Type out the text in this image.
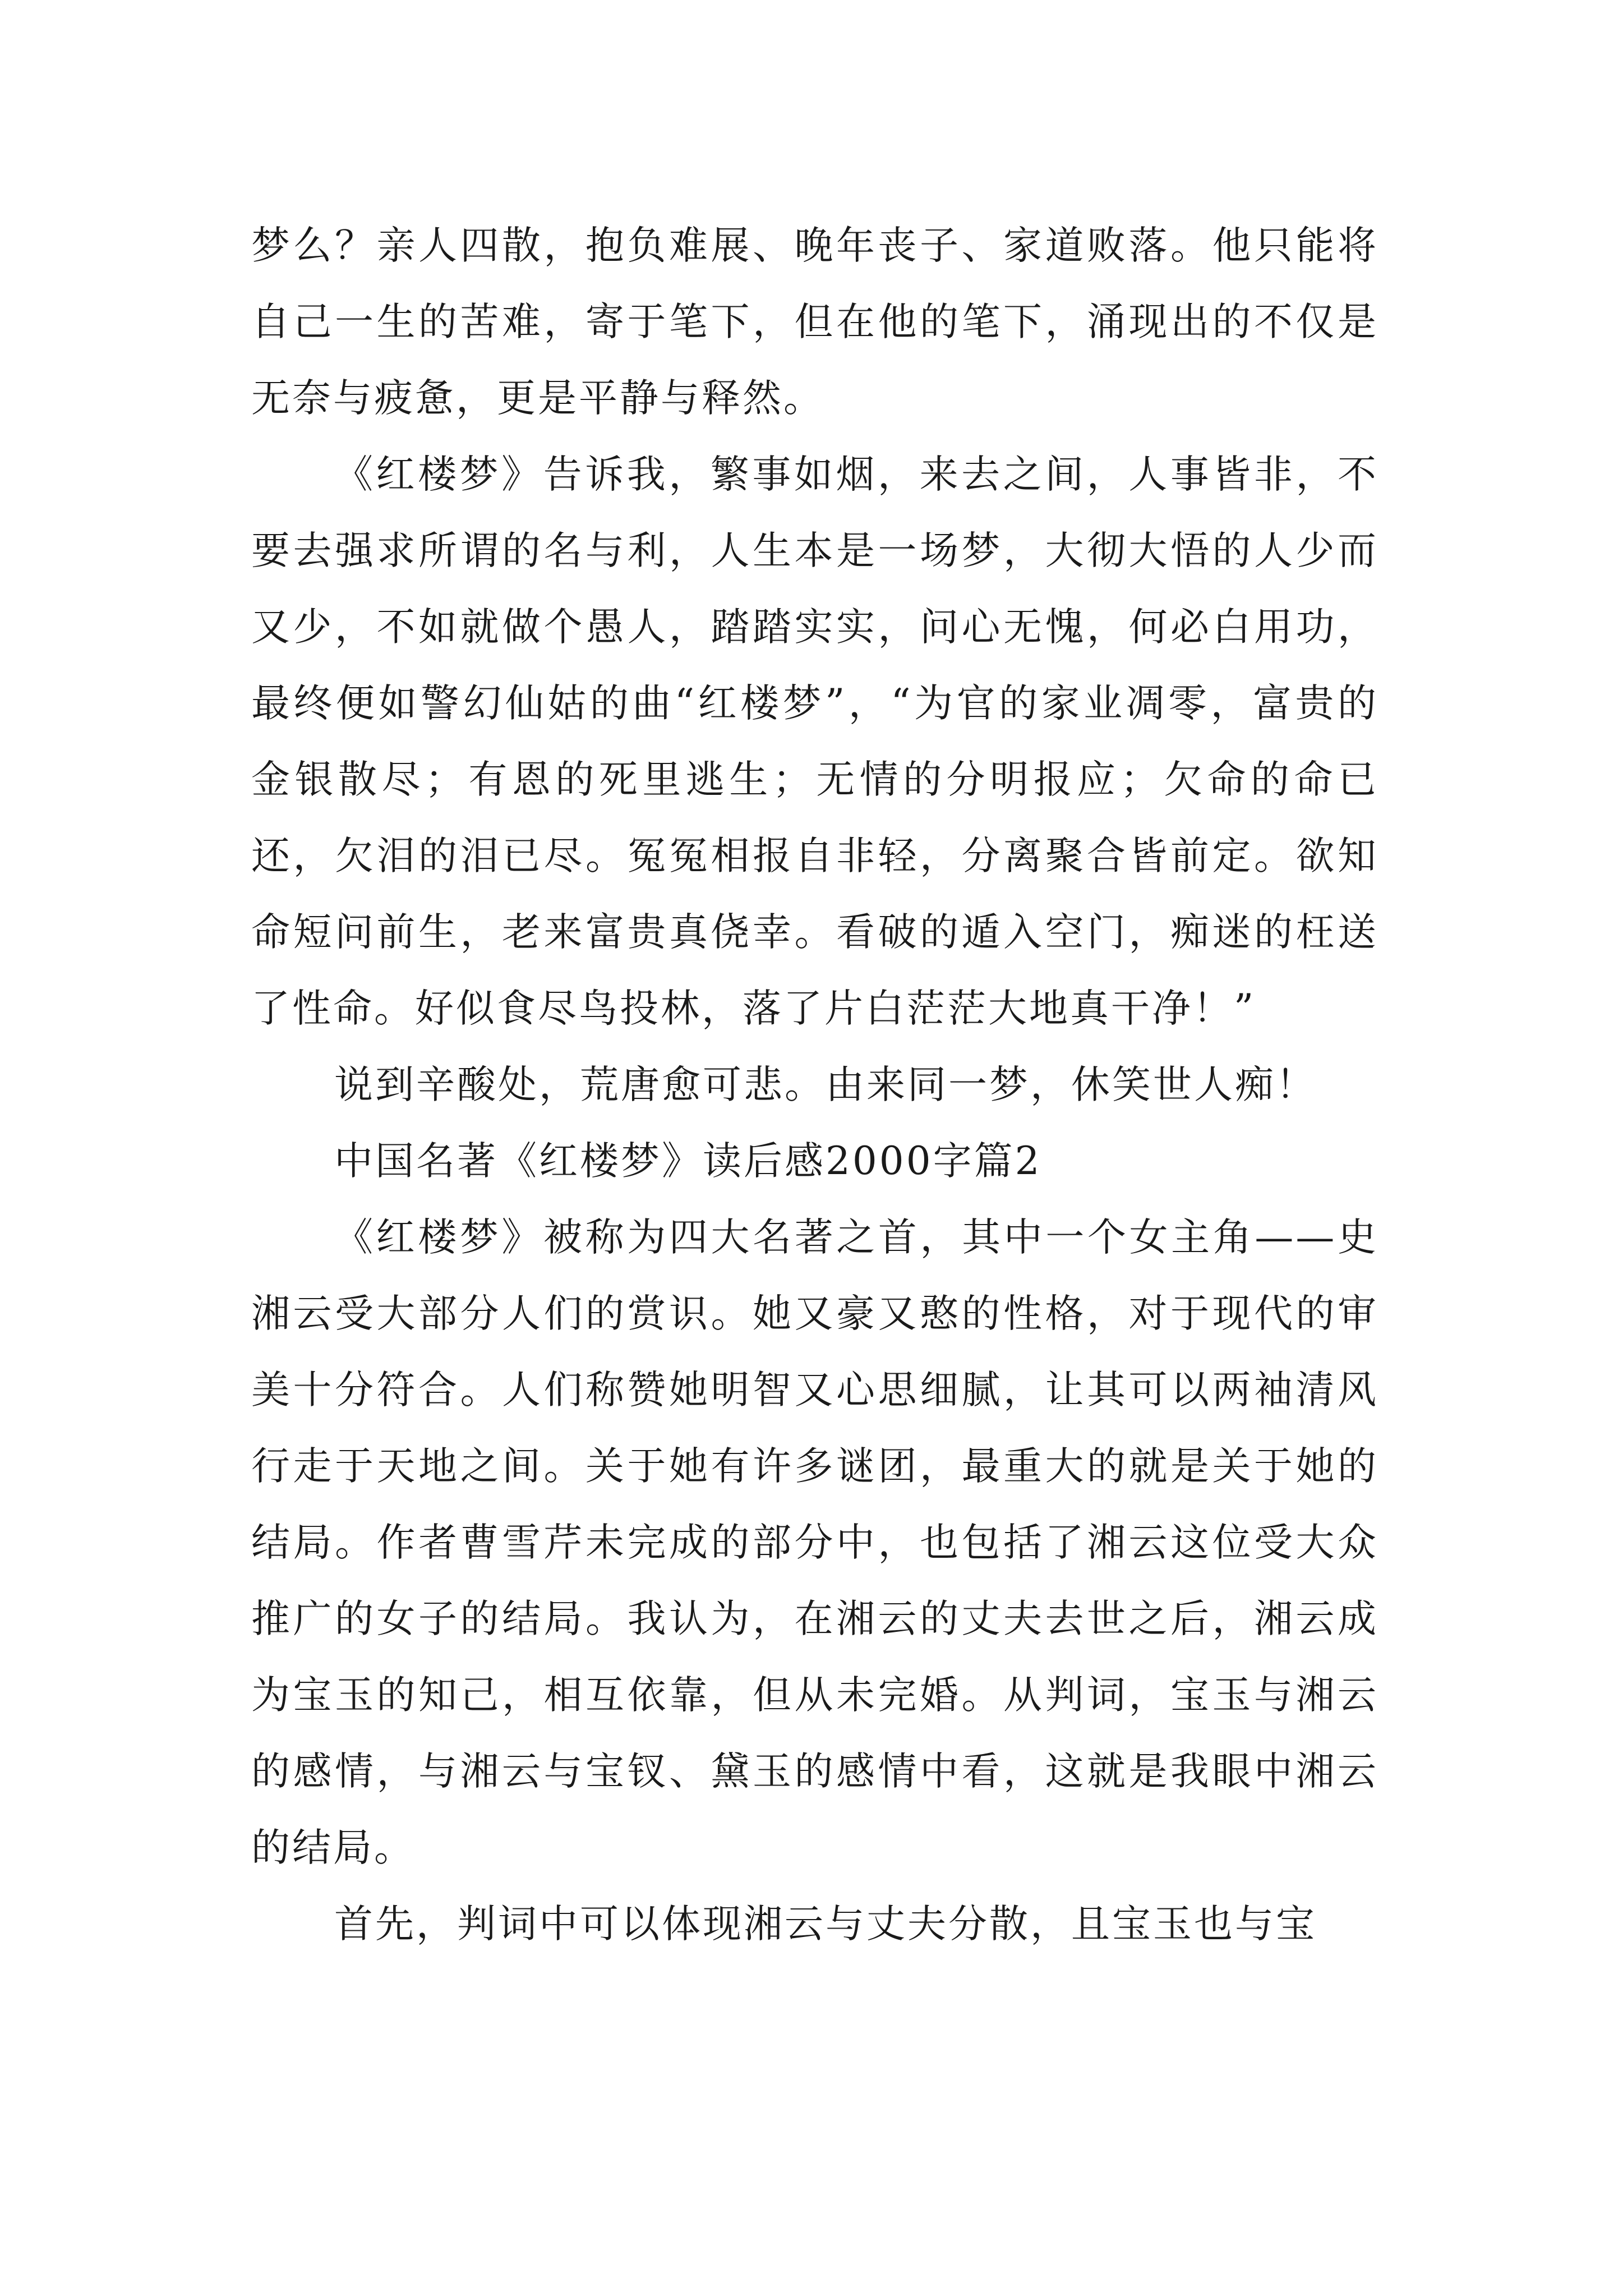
梦么？亲人四散，抱负难展、晚年丧子、家道败落。他只能将自己一生的苦难，寄于笔下，但在他的笔下，涌现出的不仅是无奈与疲惫，更是平静与释然。

《红楼梦》告诉我，繁事如烟，来去之间，人事皆非，不要去强求所谓的名与利，人生本是一场梦，大彻大悟的人少而又少，不如就做个愚人，踏踏实实，问心无愧，何必白用功，最终便如警幻仙姑的曲“红楼梦”，“为官的家业凋零，富贵的金银散尽；有恩的死里逃生；无情的分明报应；欠命的命已还，欠泪的泪已尽。冤冤相报自非轻，分离聚合皆前定。欲知命短问前生，老来富贵真侥幸。看破的遁入空门，痴迷的枉送了性命。好似食尽鸟投林，落了片白茫茫大地真干净！”

说到辛酸处，荒唐愈可悲。由来同一梦，休笑世人痴！

中国名著《红楼梦》读后感2000字篇2

《红楼梦》被称为四大名著之首，其中一个女主角——史湘云受大部分人们的赏识。她又豪又憨的性格，对于现代的审美十分符合。人们称赞她明智又心思细腻，让其可以两袖清风行走于天地之间。关于她有许多谜团，最重大的就是关于她的结局。作者曹雪芹未完成的部分中，也包括了湘云这位受大众推广的女子的结局。我认为，在湘云的丈夫去世之后，湘云成为宝玉的知己，相互依靠，但从未完婚。从判词，宝玉与湘云的感情，与湘云与宝钗、黛玉的感情中看，这就是我眼中湘云的结局。

首先，判词中可以体现湘云与丈夫分散，且宝玉也与宝
